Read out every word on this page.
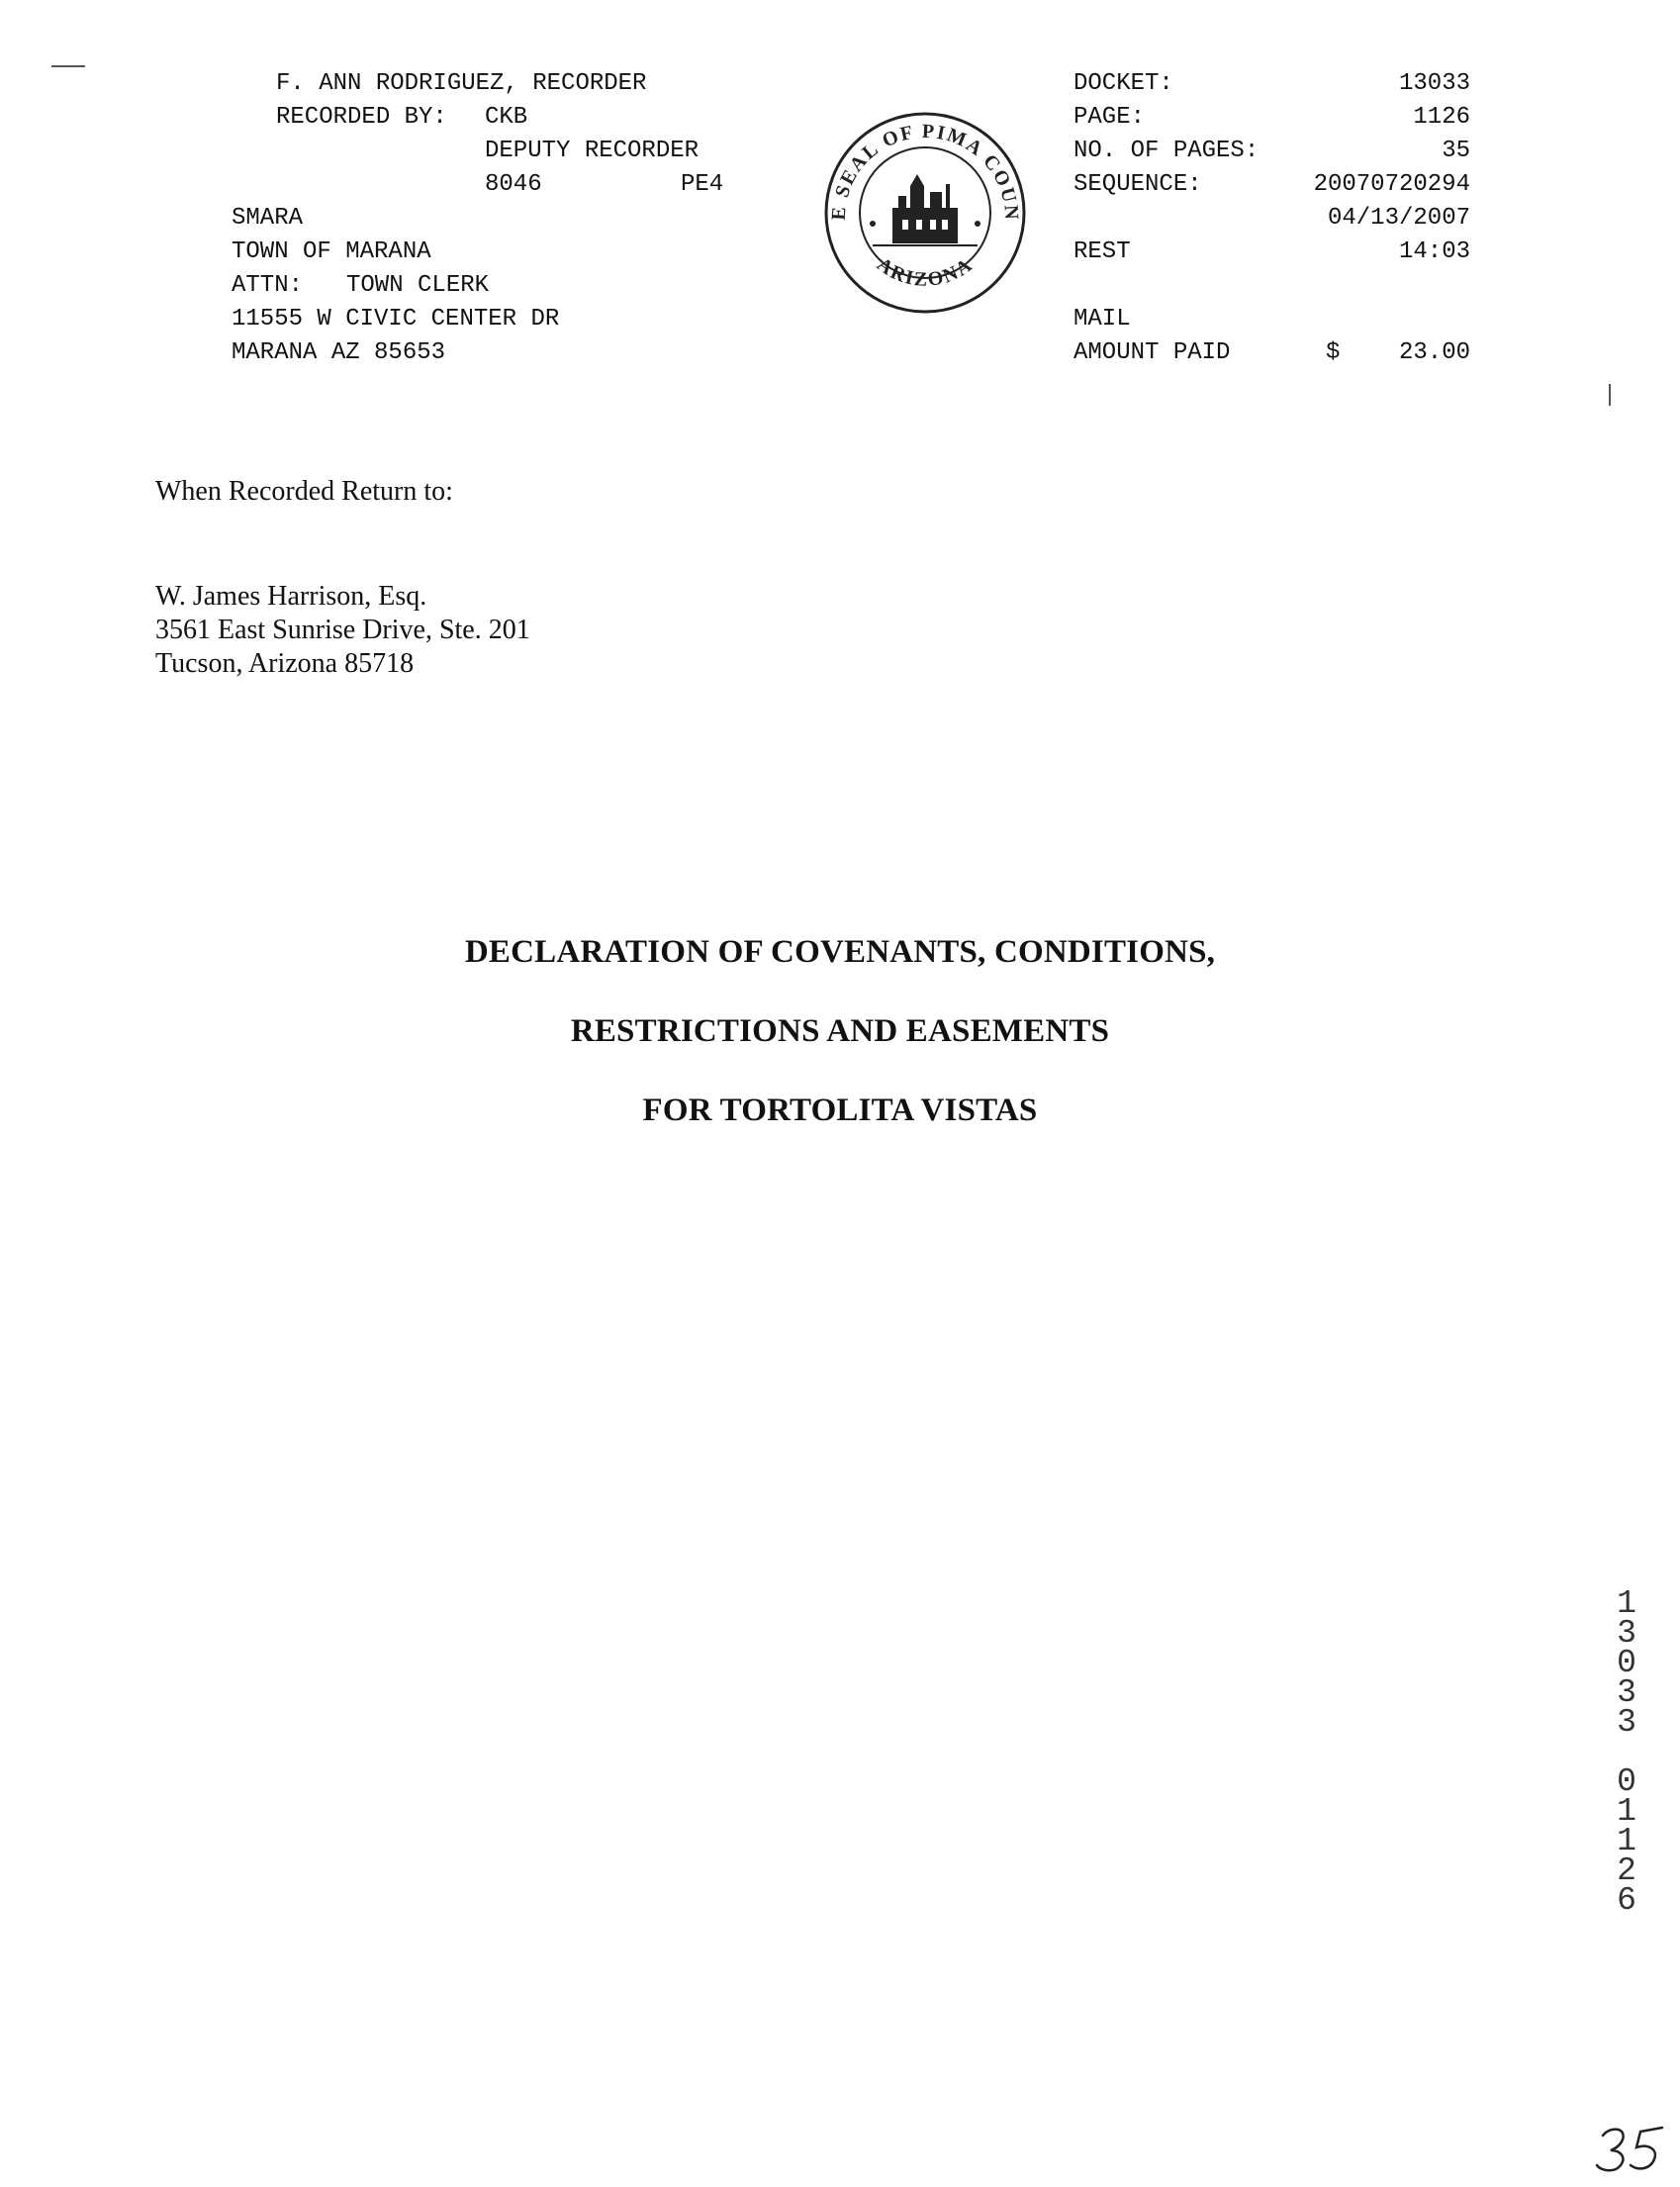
F. ANN RODRIGUEZ, RECORDER
RECORDED BY: CKB
DEPUTY RECORDER
8046	PE4
SMARA
TOWN OF MARANA
ATTN: TOWN CLERK
11555 W CIVIC CENTER DR
MARANA AZ 85653
E SEAL OF PIMA COUN
ARIZONA
DOCKET:	13033
PAGE:	1126
NO. OF PAGES:	35
SEQUENCE:	20070720294
04/13/2007
REST	14:03
MAIL
AMOUNT PAID	$	23.00
When Recorded Return to:
W. James Harrison, Esq.
3561 East Sunrise Drive, Ste. 201
Tucson, Arizona 85718
DECLARATION OF COVENANTS, CONDITIONS,
RESTRICTIONS AND EASEMENTS
FOR TORTOLITA VISTAS
1
3
0
3
3
0
1
1
2
6
